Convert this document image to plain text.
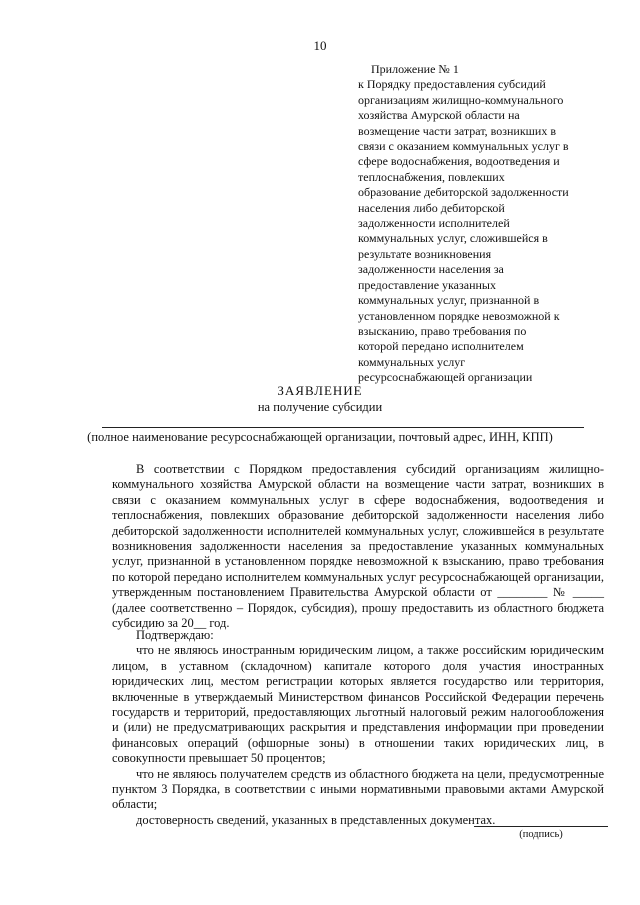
10
Приложение № 1
к Порядку предоставления субсидий
организациям жилищно-коммунального
хозяйства Амурской области на
возмещение части затрат, возникших в
связи с оказанием коммунальных услуг в
сфере водоснабжения, водоотведения и
теплоснабжения, повлекших
образование дебиторской задолженности
населения либо дебиторской
задолженности исполнителей
коммунальных услуг, сложившейся в
результате возникновения
задолженности населения за
предоставление указанных
коммунальных услуг, признанной в
установленном порядке невозможной к
взысканию, право требования по
которой передано исполнителем
коммунальных услуг
ресурсоснабжающей организации
ЗАЯВЛЕНИЕ
на получение субсидии
(полное наименование ресурсоснабжающей организации, почтовый адрес, ИНН, КПП)

В соответствии с Порядком предоставления субсидий организациям жилищно-коммунального хозяйства Амурской области на возмещение части затрат, возникших в связи с оказанием коммунальных услуг в сфере водоснабжения, водоотведения и теплоснабжения, повлекших образование дебиторской задолженности населения либо дебиторской задолженности исполнителей коммунальных услуг, сложившейся в результате возникновения задолженности населения за предоставление указанных коммунальных услуг, признанной в установленном порядке невозможной к взысканию, право требования по которой передано исполнителем коммунальных услуг ресурсоснабжающей организации, утвержденным постановлением Правительства Амурской области от ________ № _____ (далее соответственно – Порядок, субсидия), прошу предоставить из областного бюджета субсидию за 20__ год.

Подтверждаю:

что не являюсь иностранным юридическим лицом, а также российским юридическим лицом, в уставном (складочном) капитале которого доля участия иностранных юридических лиц, местом регистрации которых является государство или территория, включенные в утверждаемый Министерством финансов Российской Федерации перечень государств и территорий, предоставляющих льготный налоговый режим налогообложения и (или) не предусматривающих раскрытия и представления информации при проведении финансовых операций (офшорные зоны) в отношении таких юридических лиц, в совокупности превышает 50 процентов;

что не являюсь получателем средств из областного бюджета на цели, предусмотренные пунктом 3 Порядка, в соответствии с иными нормативными правовыми актами Амурской области;

достоверность сведений, указанных в представленных документах.

(подпись)
